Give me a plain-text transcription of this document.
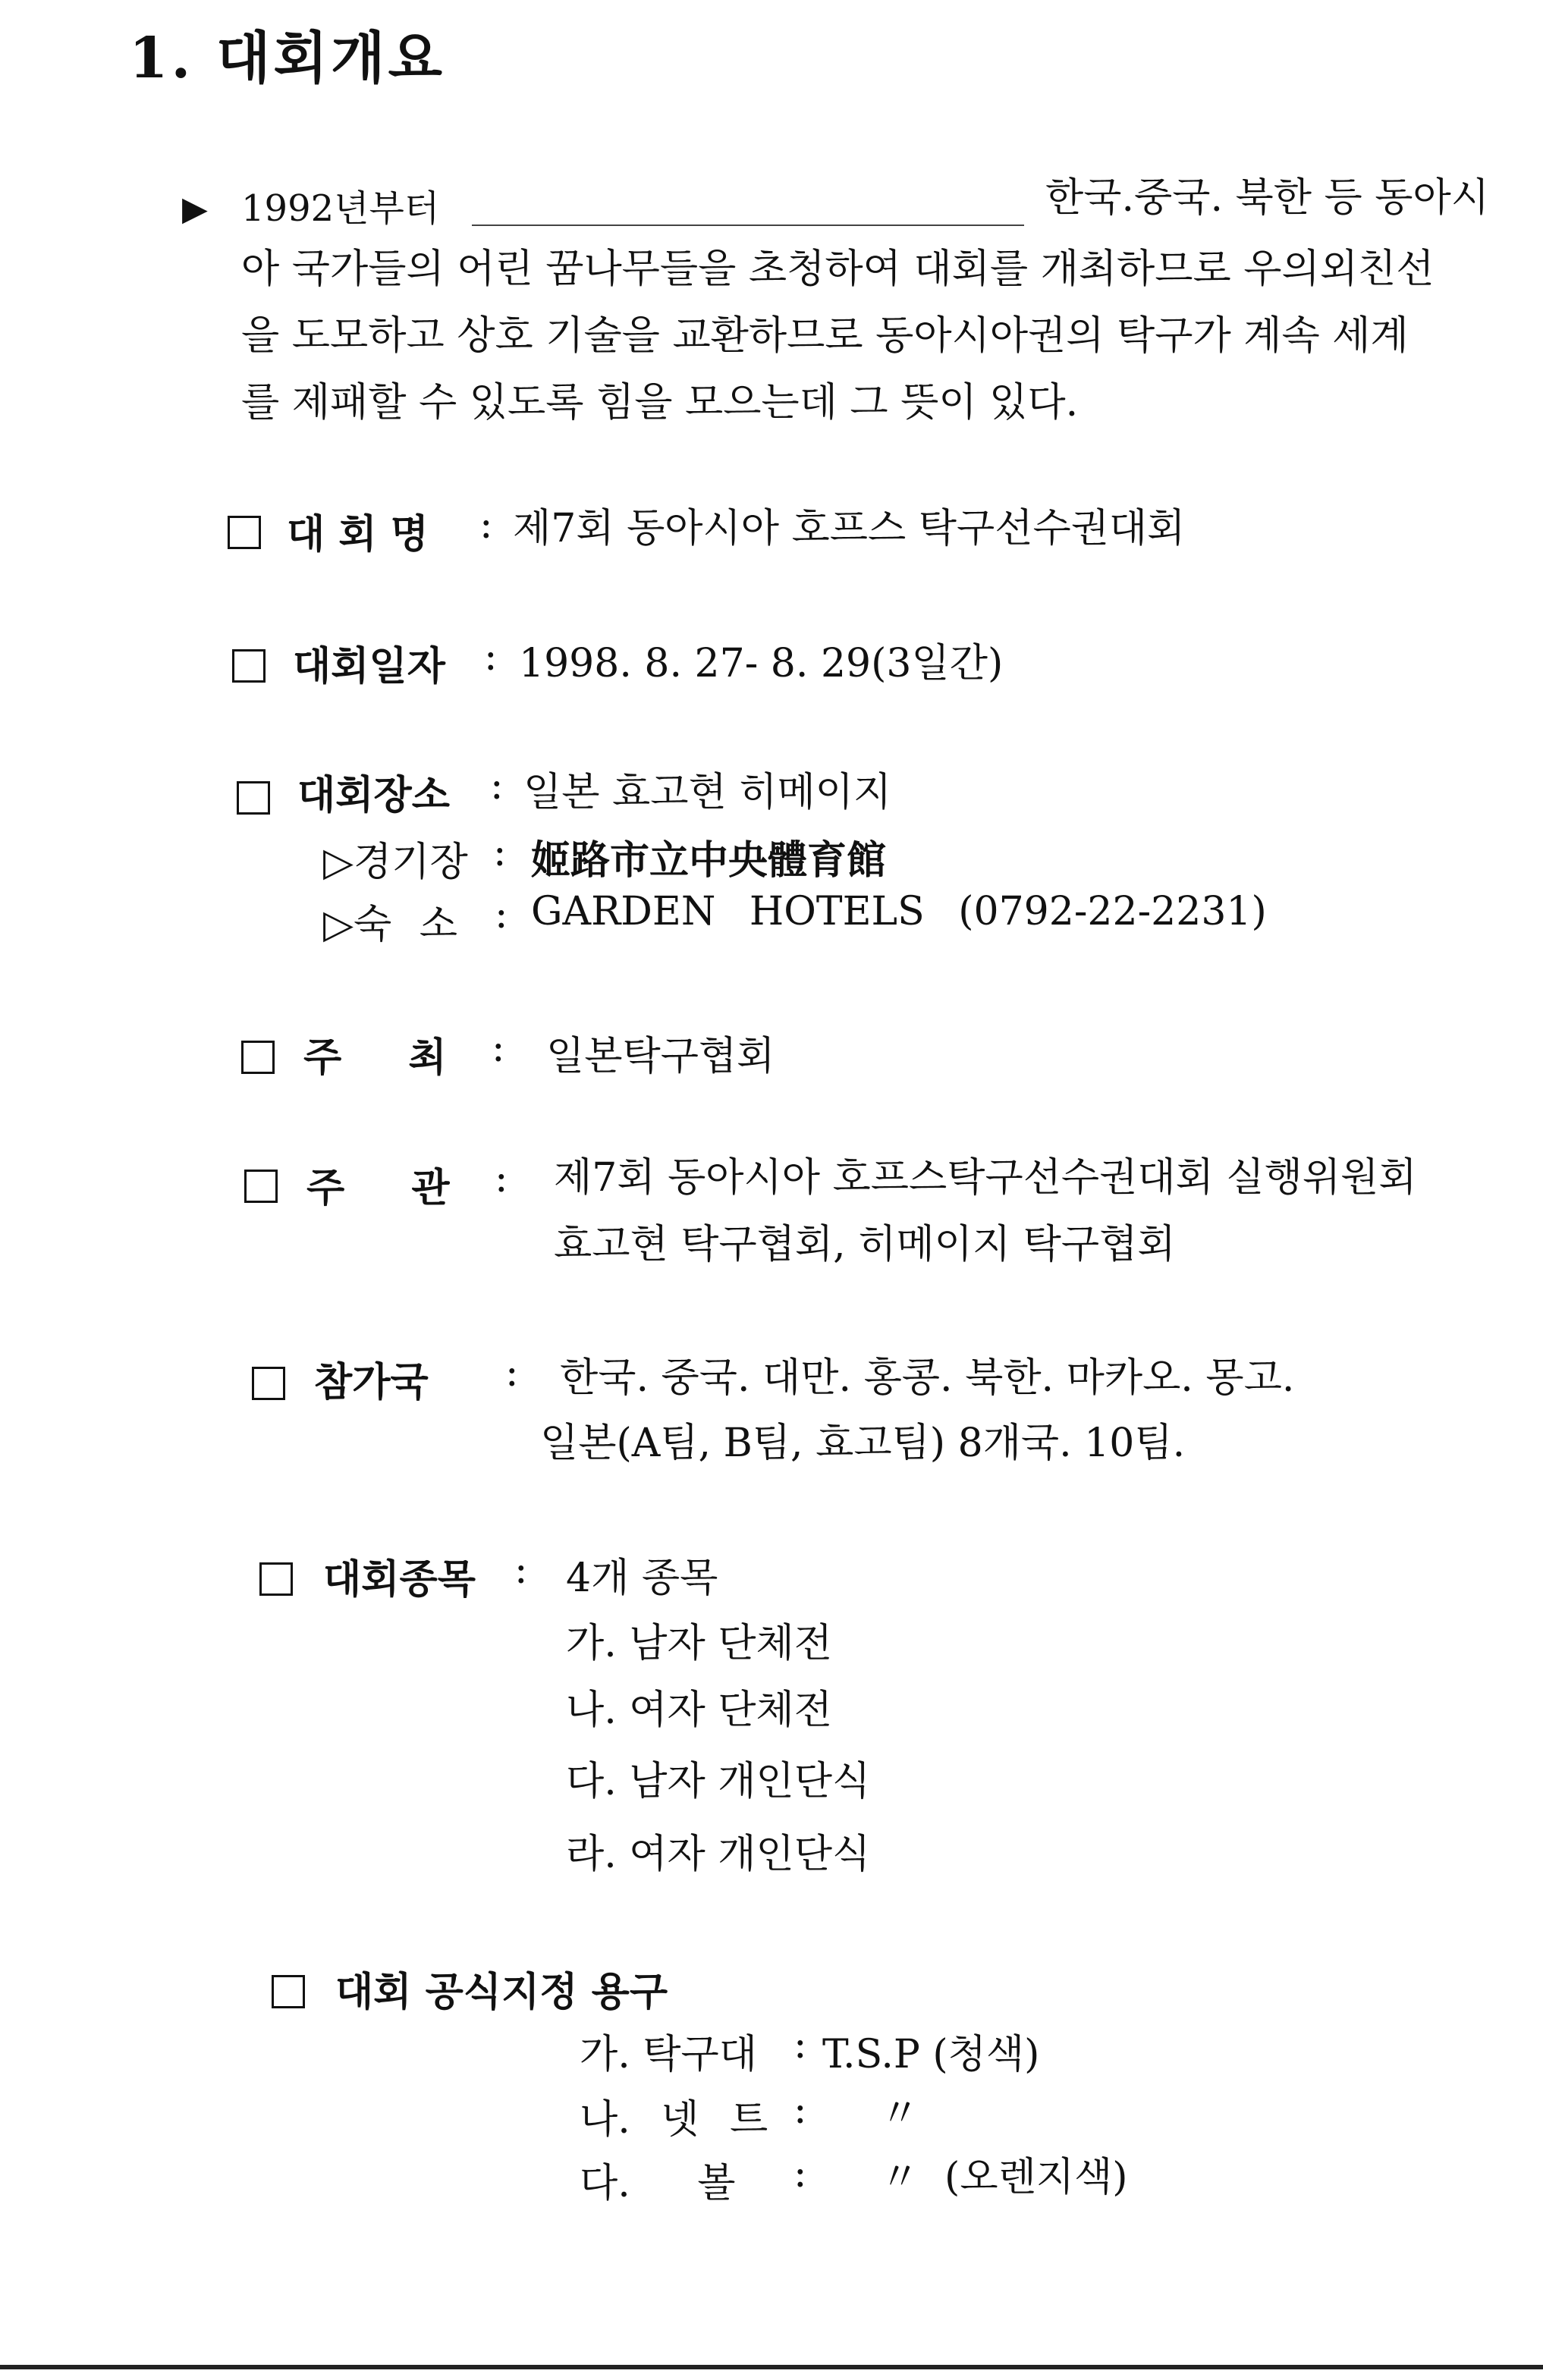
1. 대회개요
▶ 1992년부터	한국.중국. 북한 등 동아시
아 국가들의 어린 꿈나무들을 초청하여 대회를 개최하므로 우의외친선
을 도모하고 상호 기술을 교환하므로 동아시아권의 탁구가 계속 세계
를 제패할 수 있도록 힘을 모으는데 그 뜻이 있다.
대 회 명 : 제7회 동아시아 호프스 탁구선수권대회
대회일자 : 1998. 8. 27- 8. 29(3일간)
대회장소 : 일본 효고현 히메이지
▷경기장 : 姬路市立中央體育館
▷숙 소 : GARDEN HOTELS (0792-22-2231)
주 최 : 일본탁구협회
주 관 : 제7회 동아시아 호프스탁구선수권대회 실행위원회
효고현 탁구협회, 히메이지 탁구협회
참가국 : 한국. 중국. 대만. 홍콩. 북한. 마카오. 몽고.
일본(A팀, B팀, 효고팀) 8개국. 10팀.
대회종목 : 4개 종목
가. 남자 단체전
나. 여자 단체전
다. 남자 개인단식
라. 여자 개인단식
대회 공식지정 용구
가. 탁구대 : T.S.P (청색)
나. 넷 트 : 〃
다. 볼 : 〃  (오렌지색)
